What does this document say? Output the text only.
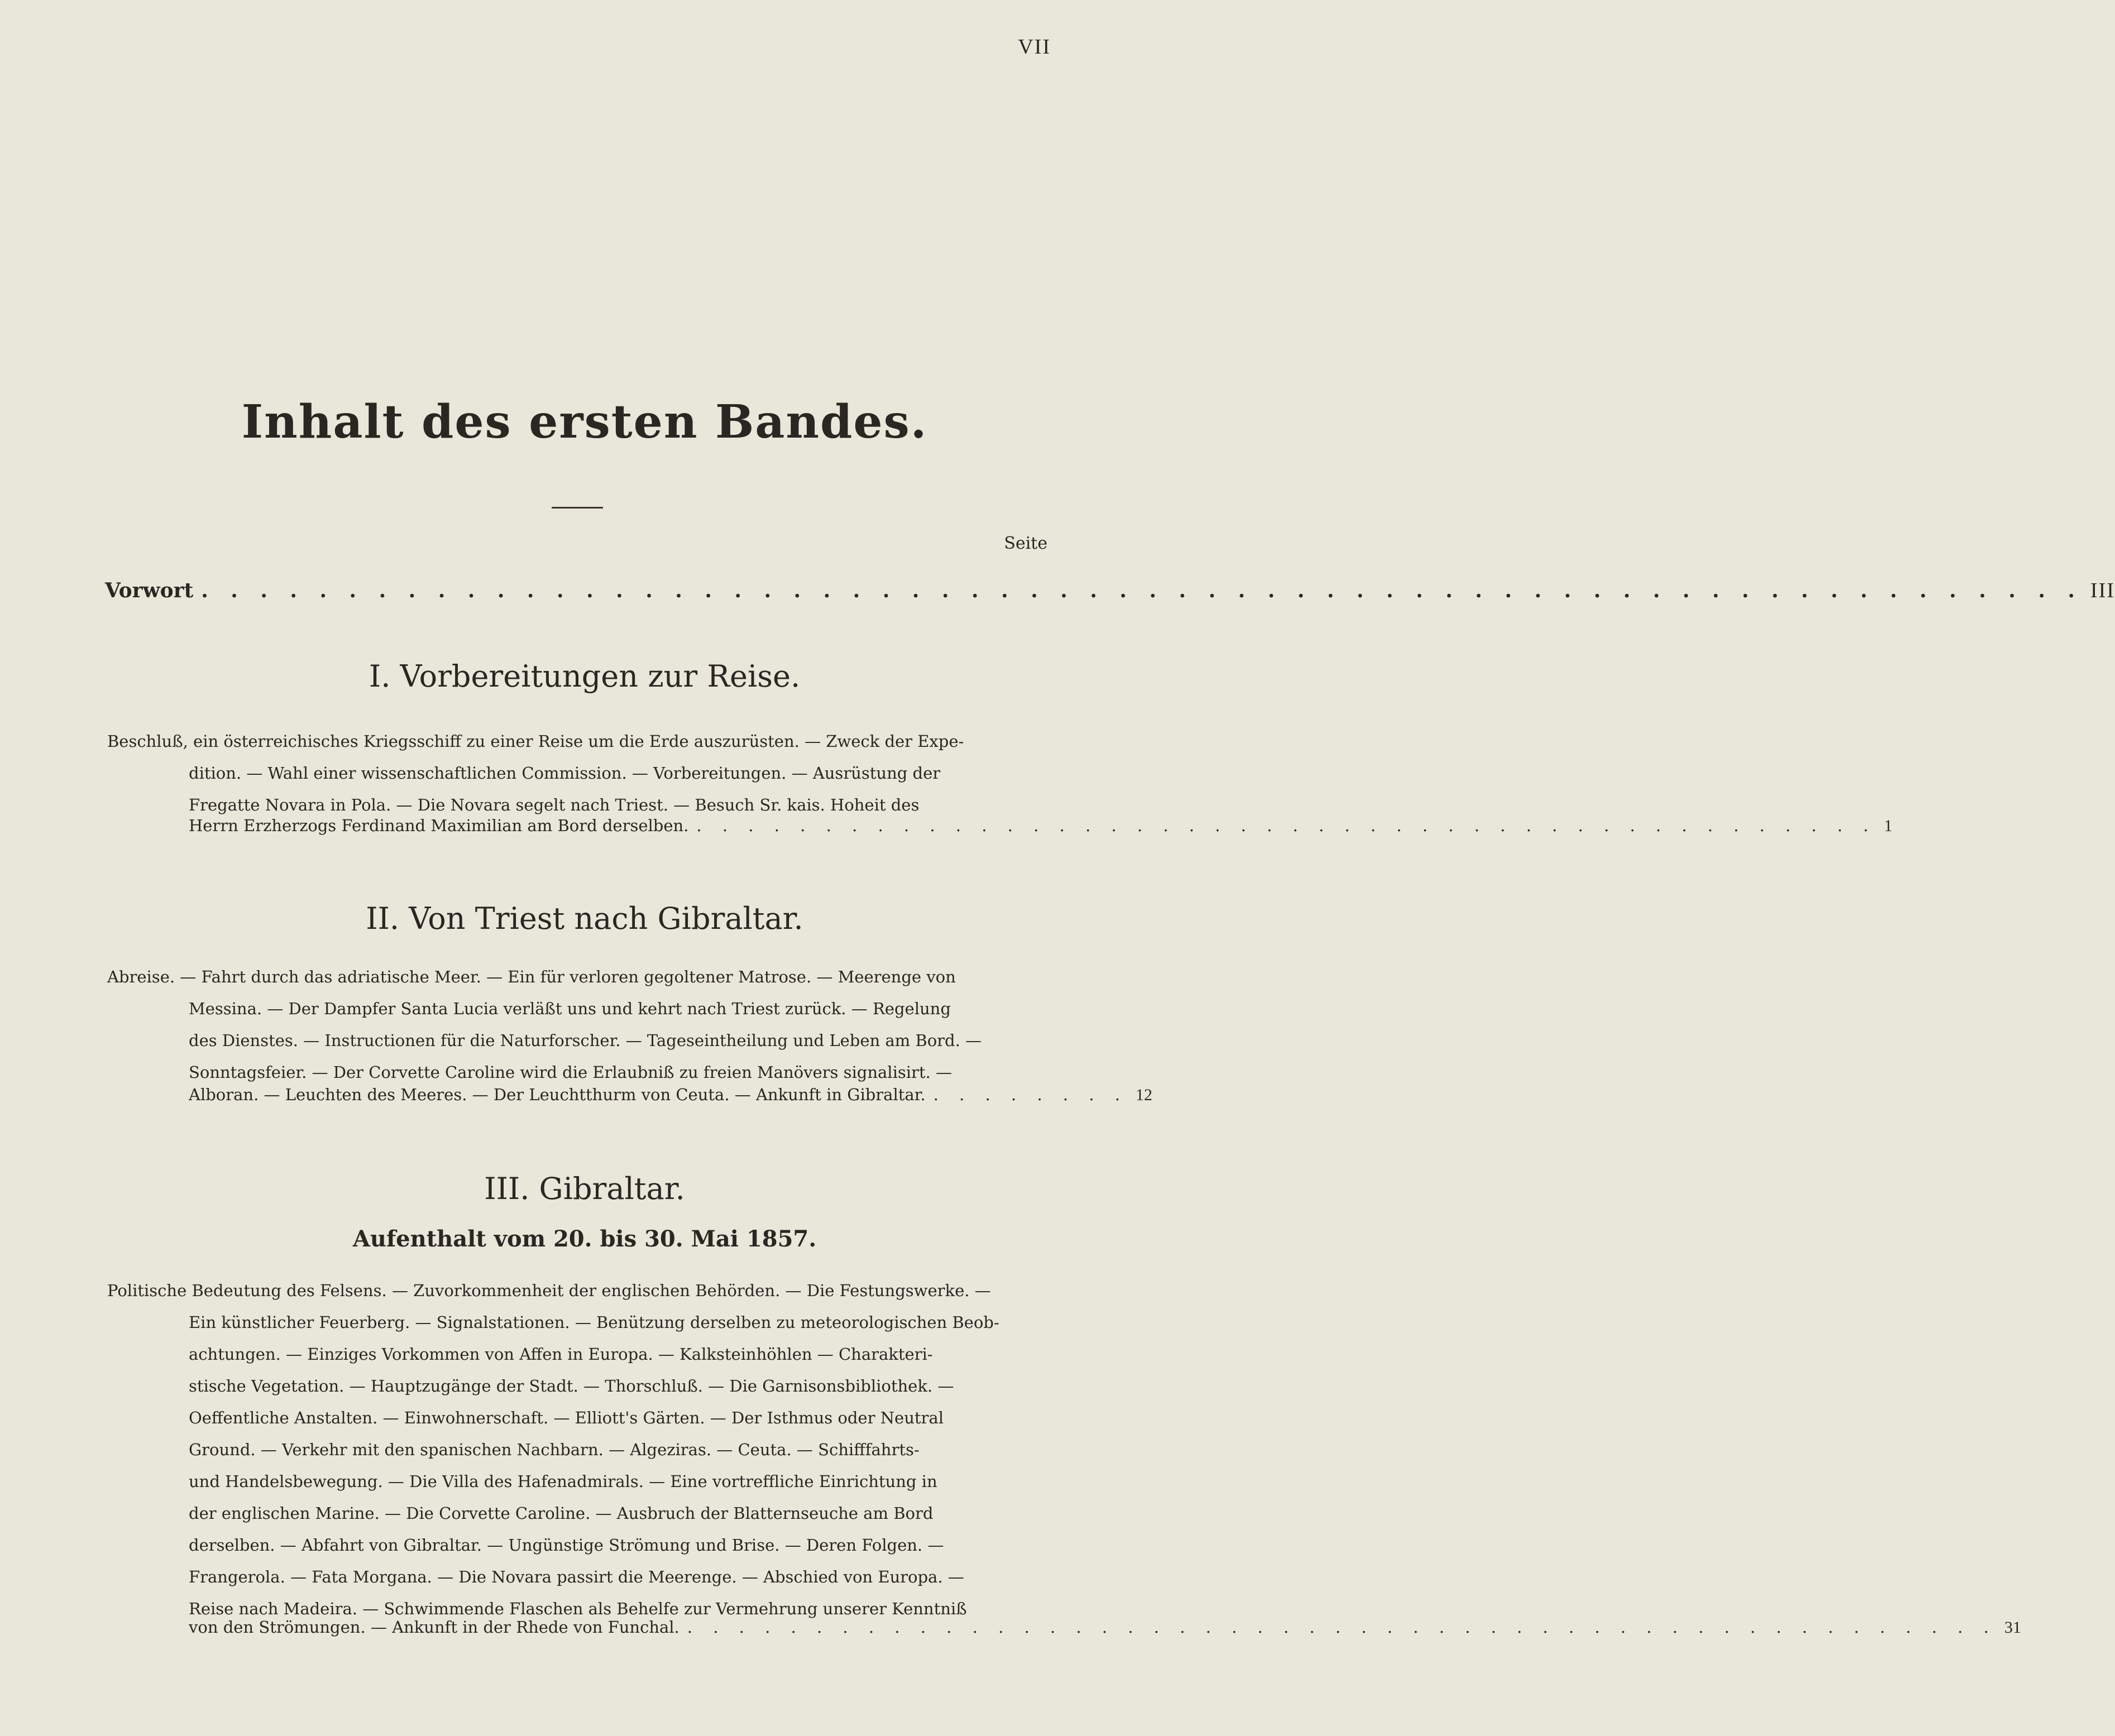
VII
Inhalt des ersten Bandes.
Seite
Vorwort . . . . . . . . . . . . . . . . . . . . . . . . . . . . . . . . . . . . . . . . . . . . . . . . . . . . . . . . . . . . . . . . III
I. Vorbereitungen zur Reise.
Beschluß, ein österreichisches Kriegsschiff zu einer Reise um die Erde auszurüsten. — Zweck der Expe-
dition. — Wahl einer wissenschaftlichen Commission. — Vorbereitungen. — Ausrüstung der
Fregatte Novara in Pola. — Die Novara segelt nach Triest. — Besuch Sr. kais. Hoheit des
Herrn Erzherzogs Ferdinand Maximilian am Bord derselben. . . . . . . . . . . . . . . . . . . . . . . . . . . . . . . . . . . . . . . . . . . . . . . 1
II. Von Triest nach Gibraltar.
Abreise. — Fahrt durch das adriatische Meer. — Ein für verloren gegoltener Matrose. — Meerenge von
Messina. — Der Dampfer Santa Lucia verläßt uns und kehrt nach Triest zurück. — Regelung
des Dienstes. — Instructionen für die Naturforscher. — Tageseintheilung und Leben am Bord. —
Sonntagsfeier. — Der Corvette Caroline wird die Erlaubniß zu freien Manövers signalisirt. —
Alboran. — Leuchten des Meeres. — Der Leuchtthurm von Ceuta. — Ankunft in Gibraltar. . . . . . . . . 12
III. Gibraltar.
Aufenthalt vom 20. bis 30. Mai 1857.
Politische Bedeutung des Felsens. — Zuvorkommenheit der englischen Behörden. — Die Festungswerke. —
Ein künstlicher Feuerberg. — Signalstationen. — Benützung derselben zu meteorologischen Beob-
achtungen. — Einziges Vorkommen von Affen in Europa. — Kalksteinhöhlen — Charakteri-
stische Vegetation. — Hauptzugänge der Stadt. — Thorschluß. — Die Garnisonsbibliothek. —
Oeffentliche Anstalten. — Einwohnerschaft. — Elliott's Gärten. — Der Isthmus oder Neutral
Ground. — Verkehr mit den spanischen Nachbarn. — Algeziras. — Ceuta. — Schifffahrts-
und Handelsbewegung. — Die Villa des Hafenadmirals. — Eine vortreffliche Einrichtung in
der englischen Marine. — Die Corvette Caroline. — Ausbruch der Blatternseuche am Bord
derselben. — Abfahrt von Gibraltar. — Ungünstige Strömung und Brise. — Deren Folgen. —
Frangerola. — Fata Morgana. — Die Novara passirt die Meerenge. — Abschied von Europa. —
Reise nach Madeira. — Schwimmende Flaschen als Behelfe zur Vermehrung unserer Kenntniß
von den Strömungen. — Ankunft in der Rhede von Funchal. . . . . . . . . . . . . . . . . . . . . . . . . . . . . . . . . . . . . . . . . . . . . . . . . . . . 31
